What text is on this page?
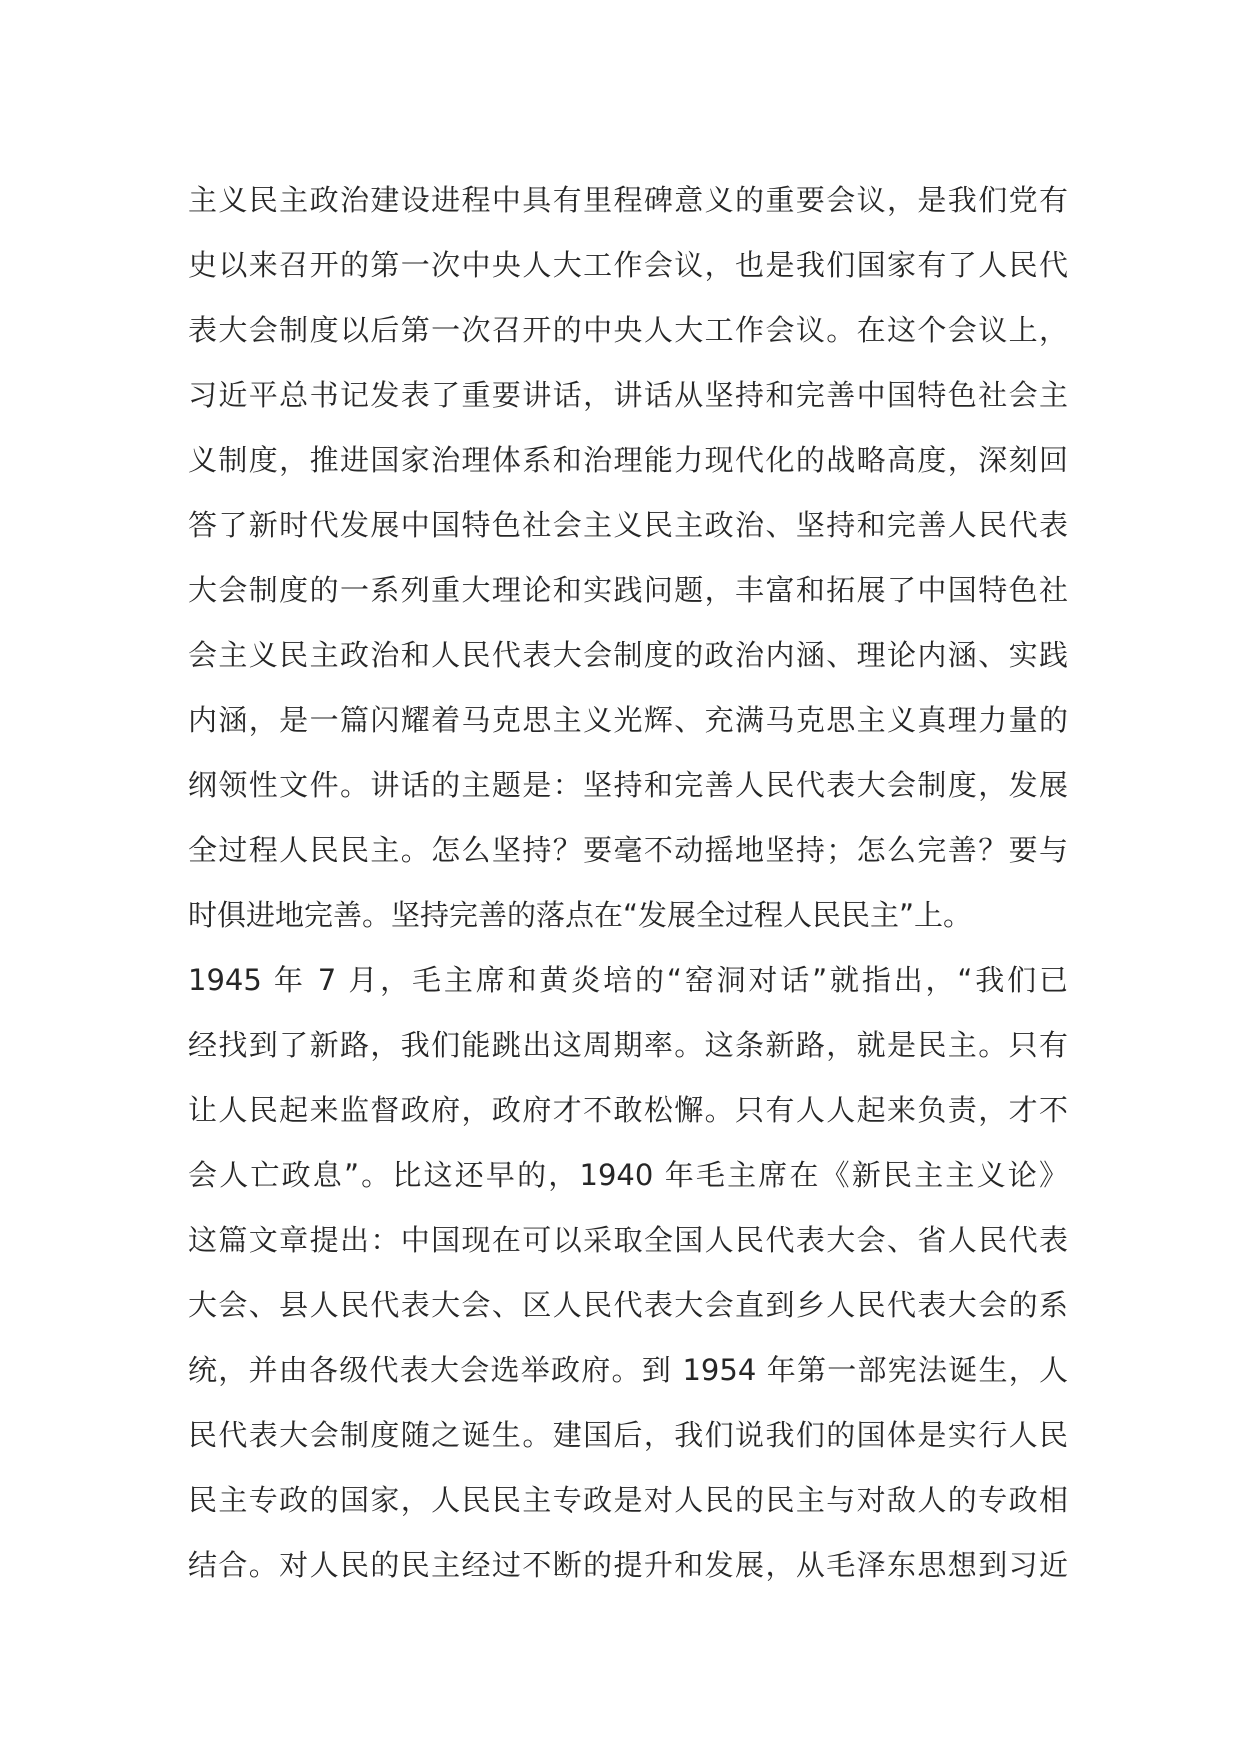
主义民主政治建设进程中具有里程碑意义的重要会议，是我们党有
史以来召开的第一次中央人大工作会议，也是我们国家有了人民代
表大会制度以后第一次召开的中央人大工作会议。在这个会议上，
习近平总书记发表了重要讲话，讲话从坚持和完善中国特色社会主
义制度，推进国家治理体系和治理能力现代化的战略高度，深刻回
答了新时代发展中国特色社会主义民主政治、坚持和完善人民代表
大会制度的一系列重大理论和实践问题，丰富和拓展了中国特色社
会主义民主政治和人民代表大会制度的政治内涵、理论内涵、实践
内涵，是一篇闪耀着马克思主义光辉、充满马克思主义真理力量的
纲领性文件。讲话的主题是：坚持和完善人民代表大会制度，发展
全过程人民民主。怎么坚持？要毫不动摇地坚持；怎么完善？要与
时俱进地完善。坚持完善的落点在“发展全过程人民民主”上。
1945 年 7 月，毛主席和黄炎培的“窑洞对话”就指出，“我们已
经找到了新路，我们能跳出这周期率。这条新路，就是民主。只有
让人民起来监督政府，政府才不敢松懈。只有人人起来负责，才不
会人亡政息”。比这还早的，1940 年毛主席在《新民主主义论》
这篇文章提出：中国现在可以采取全国人民代表大会、省人民代表
大会、县人民代表大会、区人民代表大会直到乡人民代表大会的系
统，并由各级代表大会选举政府。到 1954 年第一部宪法诞生，人
民代表大会制度随之诞生。建国后，我们说我们的国体是实行人民
民主专政的国家，人民民主专政是对人民的民主与对敌人的专政相
结合。对人民的民主经过不断的提升和发展，从毛泽东思想到习近
